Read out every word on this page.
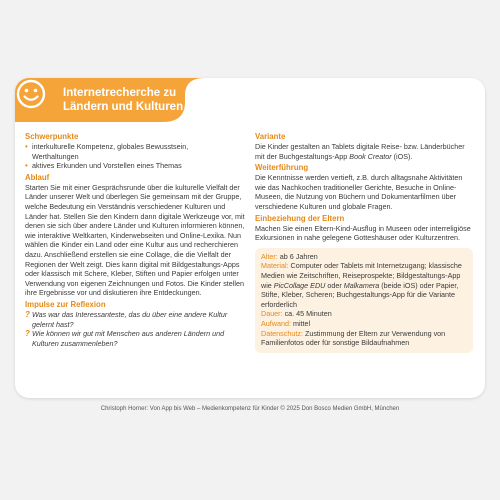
Internetrecherche zu
Ländern und Kulturen
Schwerpunkte
• interkulturelle Kompetenz, globales Bewusstsein,
Werthaltungen
• aktives Erkunden und Vorstellen eines Themas
Ablauf
Starten Sie mit einer Gesprächsrunde über die kulturelle Vielfalt der Länder unserer Welt und überlegen Sie gemeinsam mit der Gruppe, welche Bedeutung ein Verständnis verschiedener Kulturen und Länder hat. Stellen Sie den Kindern dann digitale Werkzeuge vor, mit denen sie sich über andere Länder und Kulturen informieren können, wie interaktive Weltkarten, Kinderwebseiten und Online-Lexika. Nun wählen die Kinder ein Land oder eine Kultur aus und recherchieren dazu. Anschließend erstellen sie eine Collage, die die Vielfalt der Regionen der Welt zeigt. Dies kann digital mit Bildgestaltungs-Apps oder klassisch mit Schere, Kleber, Stiften und Papier erfolgen unter Verwendung von eigenen Zeichnungen und Fotos. Die Kinder stellen ihre Ergebnisse vor und diskutieren ihre Entdeckungen.
Impulse zur Reflexion
? Was war das Interessanteste, das du über eine andere Kultur gelernt hast?
? Wie können wir gut mit Menschen aus anderen Ländern und Kulturen zusammenleben?
Variante
Die Kinder gestalten an Tablets digitale Reise- bzw. Länderbücher mit der Buchgestaltungs-App Book Creator (iOS).
Weiterführung
Die Kenntnisse werden vertieft, z.B. durch alltagsnahe Aktivitäten wie das Nachkochen traditioneller Gerichte, Besuche in Online-Museen, die Nutzung von Büchern und Dokumentarfilmen über verschiedene Kulturen und globale Fragen.
Einbeziehung der Eltern
Machen Sie einen Eltern-Kind-Ausflug in Museen oder interreligiöse Exkursionen in nahe gelegene Gotteshäuser oder Kulturzentren.
Alter: ab 6 Jahren
Material: Computer oder Tablets mit Internetzugang; klassische Medien wie Zeitschriften, Reiseprospekte; Bildgestaltungs-App wie PicCollage EDU oder Malkamera (beide iOS) oder Papier, Stifte, Kleber, Scheren; Buchgestaltungs-App für die Variante erforderlich
Dauer: ca. 45 Minuten
Aufwand: mittel
Datenschutz: Zustimmung der Eltern zur Verwendung von Familienfotos oder für sonstige Bildaufnahmen
Christoph Horner: Von App bis Web – Medienkompetenz für Kinder © 2025 Don Bosco Medien GmbH, München
